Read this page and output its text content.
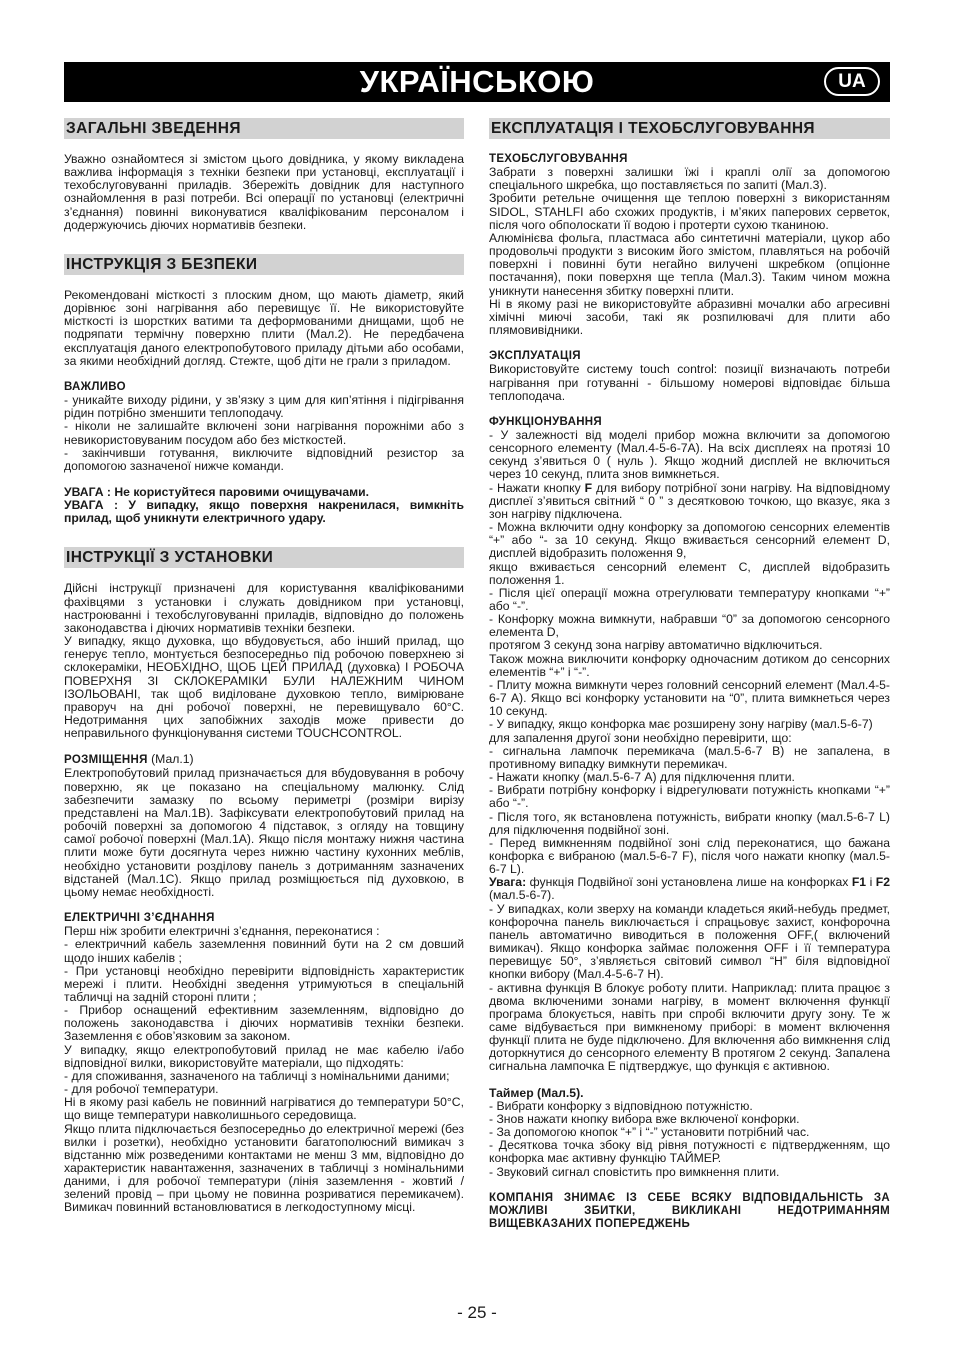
УКРАЇНСЬКОЮ	UA
ЗАГАЛЬНІ ЗВЕДЕННЯ

Уважно ознайомтеся зі змістом цього довідника, у якому викладена важлива інформація з техніки безпеки при установці, експлуатації і техобслуговуванні приладів. Збережіть довідник для наступного ознайомлення в разі потреби. Всі операції по установці (електричні з’єднання) повинні виконуватися кваліфікованим персоналом і додержуючись діючих нормативів безпеки.

ІНСТРУКЦІЯ З БЕЗПЕКИ

Рекомендовані місткості з плоским дном, що мають діаметр, який дорівнює зоні нагрівання або перевищує її. Не використовуйте місткості із шорстких ватими та деформованими днищами, щоб не подряпати термічну поверхню плити (Мал.2). Не передбачена експлуатація даного електропобутового приладу дітьми або особами, за якими необхідний догляд. Стежте, щоб діти не грали з приладом.

ВАЖЛИВО

- уникайте виходу рідини, у зв’язку з цим для кип’ятіння і підігрівання рідин потрібно зменшити теплоподачу.

- ніколи не залишайте включені зони нагрівання порожніми або з невикористовуваним посудом або без місткостей.

- закінчивши готування, виключите відповідний резистор за допомогою зазначеної нижче команди.

УВАГА : Не користуйтеся паровими очищувачами.

УВАГА : У випадку, якщо поверхня накренилася, вимкніть прилад, щоб уникнути електричного удару.

ІНСТРУКЦІЇ З УСТАНОВКИ

Дійсні інструкції призначені для користування кваліфікованими фахівцями з установки і служать довідником при установці, настроюванні і техобслуговуванні приладів, відповідно до положень законодавства і діючих нормативів техніки безпеки.

У випадку, якщо духовка, що вбудовується, або інший прилад, що генерує тепло, монтується безпосередньо під робочою поверхнею зі склокераміки, НЕОБХІДНО, ЩОБ ЦЕЙ ПРИЛАД (духовка) І РОБОЧА ПОВЕРХНЯ ЗІ СКЛОКЕРАМІКИ БУЛИ НАЛЕЖНИМ ЧИНОМ ІЗОЛЬОВАНІ, так щоб виділоване духовкою тепло, вимірюване праворуч на дні робочої поверхні, не перевищувало 60°C. Недотримання цих запобіжних заходів може привести до неправильного функціонування системи TOUCHCONTROL.

РОЗМІЩЕННЯ (Мал.1)

Електропобутовий прилад призначається для вбудовування в робочу поверхню, як це показано на спеціальному малюнку. Слід забезпечити замазку по всьому периметрі (розміри вирізу представлені на Мал.1В). Зафіксувати електропобутовий прилад на робочій поверхні за допомогою 4 підставок, з огляду на товщину самої робочої поверхні (Мал.1А). Якщо після монтажу нижня частина плити може бути досягнута через нижню частину кухонних меблів, необхідно установити розділову панель з дотриманням зазначених відстаней (Мал.1С). Якщо прилад розміщюється під духовкою, в цьому немає необхідності.

ЕЛЕКТРИЧНІ З’ЄДНАННЯ

Перш ніж зробити електричні з’єднання, переконатися :

- електричний кабель заземлення повинний бути на 2 см довший щодо інших кабелів ;

- При установці необхідно перевірити відповідність характеристик мережі і плити. Необхідні зведення утримуються в спеціальній табличці на задній стороні плити ;

- Прибор оснащений ефективним заземленням, відповідно до положень законодавства і діючих нормативів техніки безпеки. Заземлення є обов’язковим за законом.

У випадку, якщо електропобутовий прилад не має кабелю і/або відповідної вилки, використовуйте матеріали, що підходять:

- для споживання, зазначеного на табличці з номінальними даними;

- для робочої температури.

Ні в якому разі кабель не повинний нагріватися до температури 50°C, що вище температури навколишнього середовища.

Якщо плита підключається безпосередньо до електричної мережі (без вилки і розетки), необхідно установити багатополюсний вимикач з відстанню між розведеними контактами не менш 3 мм, відповідно до характеристик навантаження, зазначених в табличці з номінальними даними, і для робочої температури (лінія заземлення - жовтий /зелений провід – при цьому не повинна розриватися перемикачем). Вимикач повинний встановлюватися в легкодоступному місці.

ЕКСПЛУАТАЦІЯ І ТЕХОБСЛУГОВУВАННЯ

ТЕХОБСЛУГОВУВАННЯ

Забрати з поверхні залишки їжі і краплі олії за допомогою спеціального шкребка, що поставляється по запиті (Мал.3).

Зробити ретельне очищення ще теплою поверхні з використанням SIDOL, STAHLFI або схожих продуктів, і м’яких паперових серветок, після чого обполоскати її водою і протерти сухою тканиною.

Алюмінієва фольга, пластмаса або синтетичні матеріали, цукор або продовольчі продукти з високим його змістом, плавляться на робочій поверхні і повинні бути негайно вилучені шкребком (опціонне постачання), поки поверхня ще тепла (Мал.3). Таким чином можна уникнути нанесення збитку поверхні плити.

Ні в якому разі не використовуйте абразивні мочалки або агресивні хімічні миючі засоби, такі як розпилювачі для плити або плямовивідники.

ЭКСПЛУАТАЦІЯ

Використовуйте систему touch control: позиції визначають потреби нагрівання при готуванні - більшому номерові відповідає більша теплоподача.

ФУНКЦІОНУВАННЯ

- У залежності від моделі прибор можна включити за допомогою сенсорного елементу (Мал.4-5-6-7А). На всіх дисплеях на протязі 10 секунд з’явиться 0 ( нуль ). Якщо жодний дисплей не включиться через 10 секунд, плита знов вимкнеться.

- Нажати кнопку F для вибору потрібної зони нагріву. На відповідному дисплеї з’явиться світний “ 0 ” з десятковою точкою, що вказує, яка з зон нагріву підключена.

- Можна включити одну конфорку за допомогою сенсорних елементів “+” або “- за 10 секунд. Якщо вживається сенсорний елемент D, дисплей відобразить положення 9,

якщо вживається сенсорний елемент C, дисплей відобразить положення 1.

- Після цієї операції можна отрегулювати температуру кнопками “+” або “-”.

- Конфорку можна вимкнути, набравши “0” за допомогою сенсорного елемента D,

протягом 3 секунд зона нагріву автоматично відключиться.

Також можна виключити конфорку одночасним дотиком до сенсорних елементів “+” і “-”.

- Плиту можна вимкнути через головний сенсорний елемент (Мал.4-5-6-7 А). Якщо всі конфорку установити на “0”, плита вимкнеться через 10 секунд.

- У випадку, якщо конфорка має розширену зону нагріву (мал.5-6-7)

для запалення другої зони необхідно перевірити, що:

- сигнальна лампочк перемикача (мал.5-6-7 В) не запалена, в противному випадку вимкнути перемикач.

- Нажати кнопку (мал.5-6-7 А) для підключення плити.

- Вибрати потрібну конфорку і відрегулювати потужність кнопками “+” або “-”.

- Після того, як встановлена потужність, вибрати кнопку (мал.5-6-7 L) для підключення подвійної зоні.

- Перед вимкненням подвійної зоні слід переконатися, що бажана конфорка є вибраною (мал.5-6-7 F), після чого нажати кнопку (мал.5-6-7 L).

Увага: функція Подвійної зоні установлена лише на конфорках F1 і F2 (мал.5-6-7).

- У випадках, коли зверху на команди кладеться який-небудь предмет, конфорочна панель виключається і спрацьовує захист, конфорочна панель автоматично виводиться в положення OFF,( включений вимикач). Якщо конфорка займає положення OFF і її температура перевищує 50°, з’являється світовий символ “H” біля відповідної кнопки вибору (Мал.4-5-6-7 H).

- активна функція B блокує роботу плити. Наприклад: плита працює з двома включеними зонами нагріву, в момент включення функції програма блокується, навіть при спробі включити другу зону. Те ж саме відбувається при вимкненому приборі: в момент включення функції плита не буде підключено. Для включення або вимкнення слід доторкнутися до сенсорного елементу B протягом 2 секунд. Запалена сигнальна лампочка E підтверджує, що функція є активною.

Таймер (Мал.5).

- Вибрати конфорку з відповідною потужністю.

- Знов нажати кнопку вибора вже включеної конфорки.

- За допомогою кнопок “+” і “-” установити потрібний час.

- Десяткова точка збоку від рівня потужності є підтвердженням, що конфорка має активну функцію ТАЙМЕР.

- Звуковий сигнал сповістить про вимкнення плити.

КОМПАНІЯ ЗНИМАЄ ІЗ СЕБЕ ВСЯКУ ВІДПОВІДАЛЬНІСТЬ ЗА МОЖЛИВІ ЗБИТКИ, ВИКЛИКАНІ НЕДОТРИМАННЯМ ВИЩЕВКАЗАНИХ ПОПЕРЕДЖЕНЬ

- 25 -
